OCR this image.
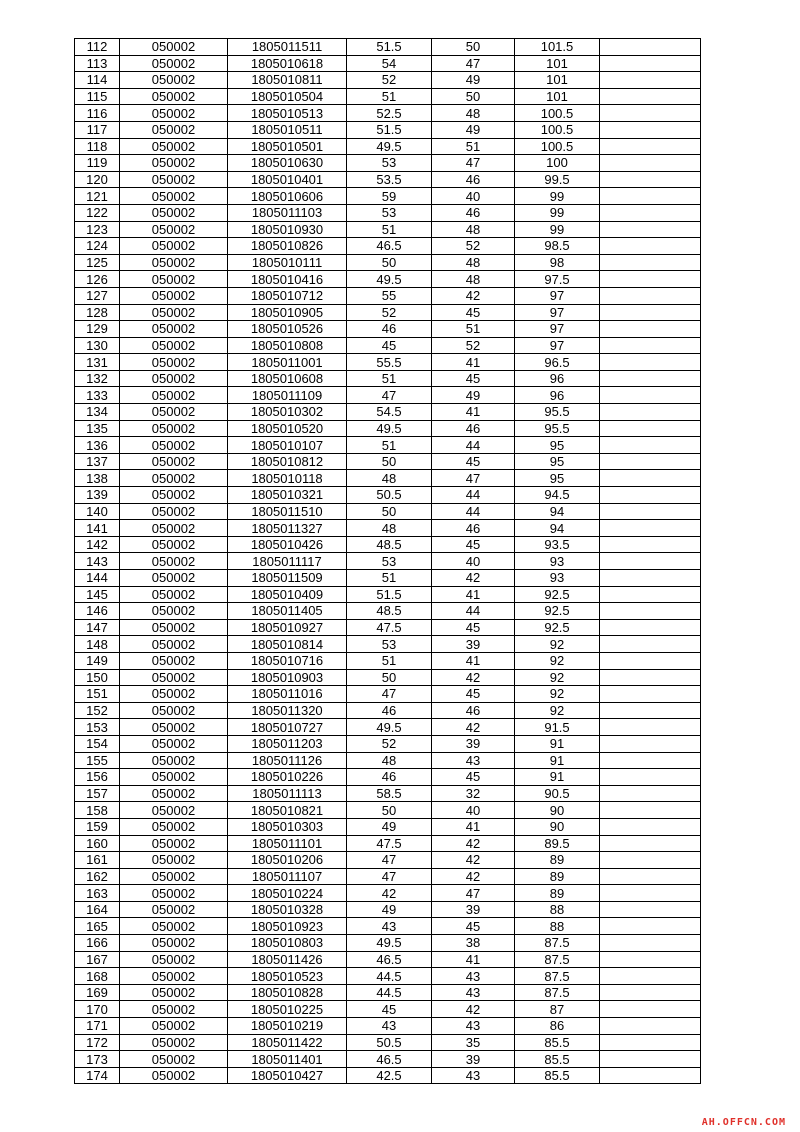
112	050002	1805011511	51.5	50	101.5	
113	050002	1805010618	54	47	101	
114	050002	1805010811	52	49	101	
115	050002	1805010504	51	50	101	
116	050002	1805010513	52.5	48	100.5	
117	050002	1805010511	51.5	49	100.5	
118	050002	1805010501	49.5	51	100.5	
119	050002	1805010630	53	47	100	
120	050002	1805010401	53.5	46	99.5	
121	050002	1805010606	59	40	99	
122	050002	1805011103	53	46	99	
123	050002	1805010930	51	48	99	
124	050002	1805010826	46.5	52	98.5	
125	050002	1805010111	50	48	98	
126	050002	1805010416	49.5	48	97.5	
127	050002	1805010712	55	42	97	
128	050002	1805010905	52	45	97	
129	050002	1805010526	46	51	97	
130	050002	1805010808	45	52	97	
131	050002	1805011001	55.5	41	96.5	
132	050002	1805010608	51	45	96	
133	050002	1805011109	47	49	96	
134	050002	1805010302	54.5	41	95.5	
135	050002	1805010520	49.5	46	95.5	
136	050002	1805010107	51	44	95	
137	050002	1805010812	50	45	95	
138	050002	1805010118	48	47	95	
139	050002	1805010321	50.5	44	94.5	
140	050002	1805011510	50	44	94	
141	050002	1805011327	48	46	94	
142	050002	1805010426	48.5	45	93.5	
143	050002	1805011117	53	40	93	
144	050002	1805011509	51	42	93	
145	050002	1805010409	51.5	41	92.5	
146	050002	1805011405	48.5	44	92.5	
147	050002	1805010927	47.5	45	92.5	
148	050002	1805010814	53	39	92	
149	050002	1805010716	51	41	92	
150	050002	1805010903	50	42	92	
151	050002	1805011016	47	45	92	
152	050002	1805011320	46	46	92	
153	050002	1805010727	49.5	42	91.5	
154	050002	1805011203	52	39	91	
155	050002	1805011126	48	43	91	
156	050002	1805010226	46	45	91	
157	050002	1805011113	58.5	32	90.5	
158	050002	1805010821	50	40	90	
159	050002	1805010303	49	41	90	
160	050002	1805011101	47.5	42	89.5	
161	050002	1805010206	47	42	89	
162	050002	1805011107	47	42	89	
163	050002	1805010224	42	47	89	
164	050002	1805010328	49	39	88	
165	050002	1805010923	43	45	88	
166	050002	1805010803	49.5	38	87.5	
167	050002	1805011426	46.5	41	87.5	
168	050002	1805010523	44.5	43	87.5	
169	050002	1805010828	44.5	43	87.5	
170	050002	1805010225	45	42	87	
171	050002	1805010219	43	43	86	
172	050002	1805011422	50.5	35	85.5	
173	050002	1805011401	46.5	39	85.5	
174	050002	1805010427	42.5	43	85.5	
AH.OFFCN.COM
